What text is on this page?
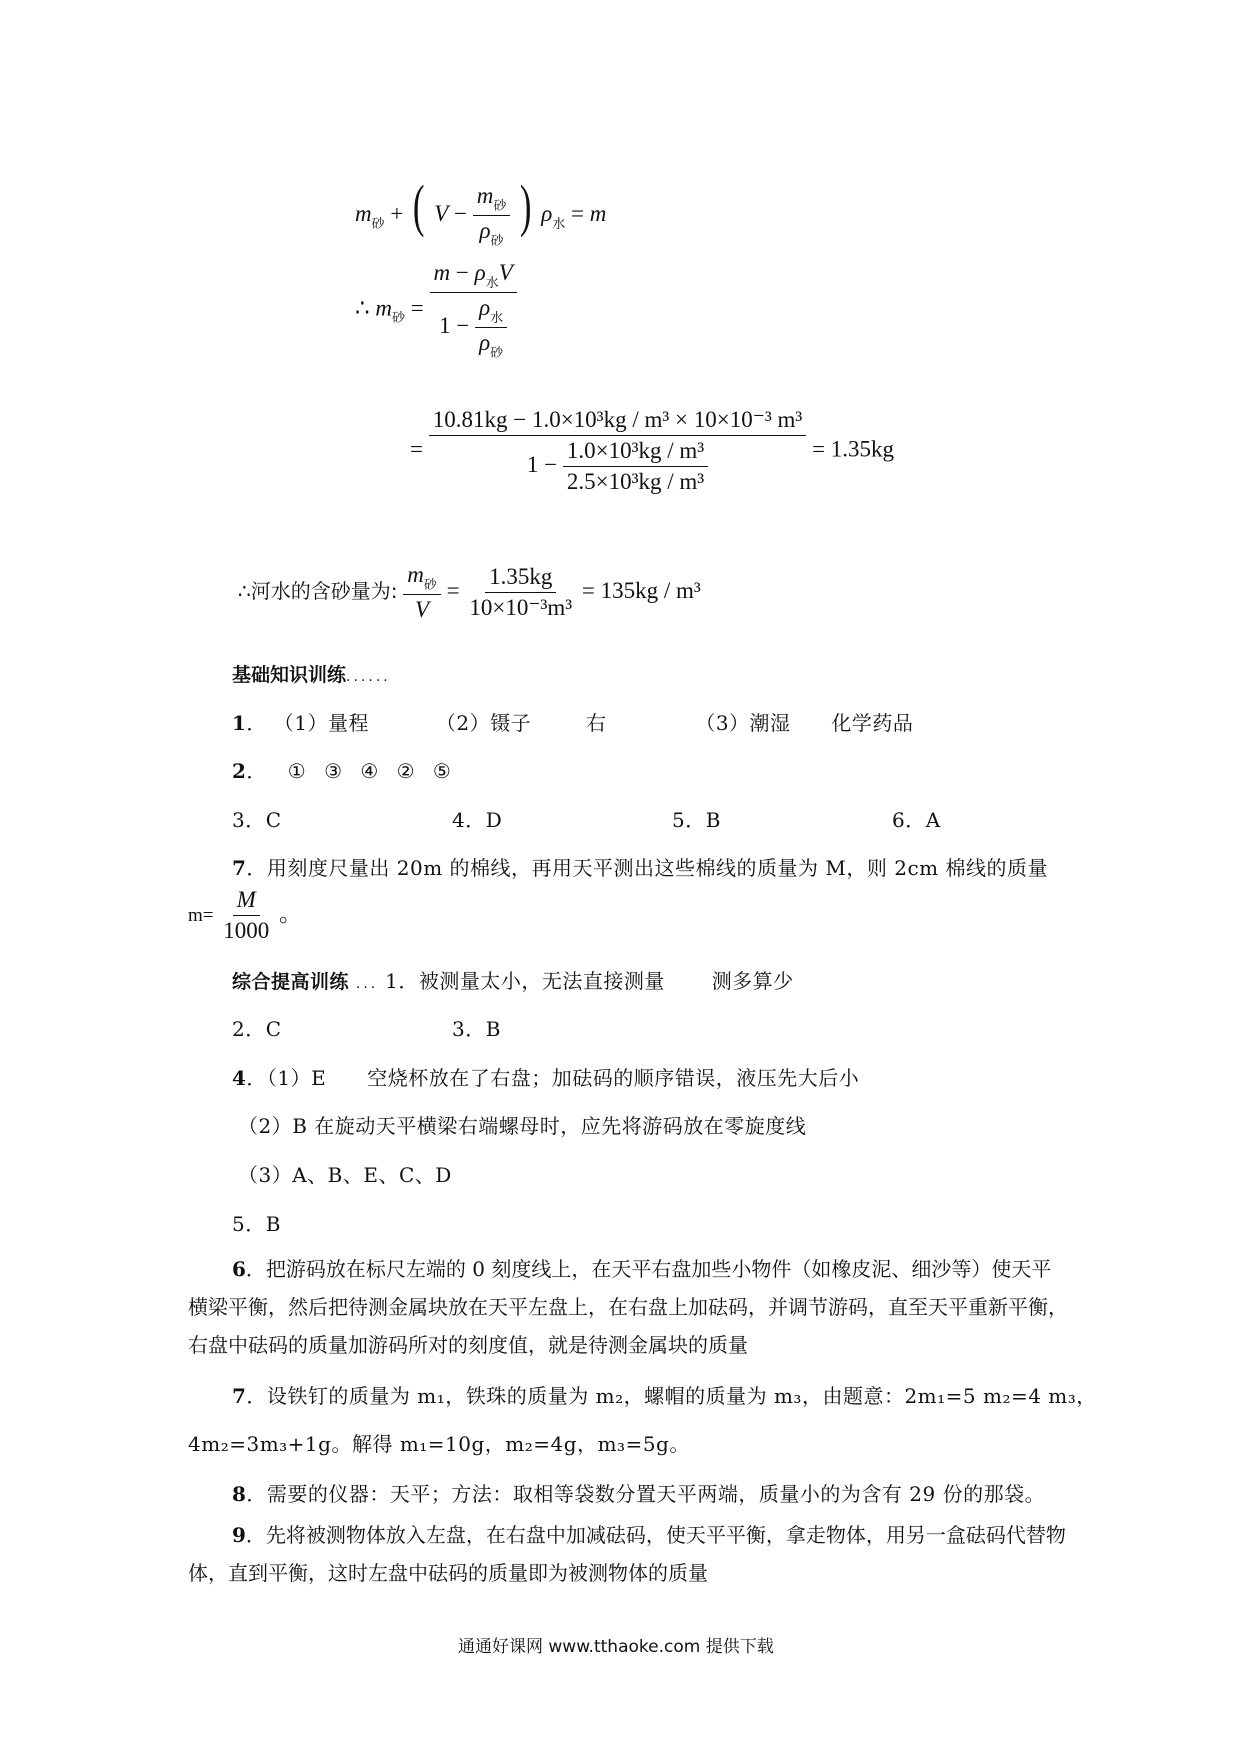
$m_砂$ + ( $V - \frac{m_砂}{\rho_砂}$ ) $\rho_水 = m$
∴ $m_砂 = \frac{m - \rho_水V}{1 - \frac{\rho_水}{\rho_砂}}$
= $\frac{\text{10.81kg − 1.0×10³kg / m³ × 10×10⁻³ m³}}{1 - \frac{\text{1.0×10³kg / m³}}{\text{2.5×10³kg / m³}}} = 1.35kg$
∴河水的含砂量为: $\frac{m_砂}{V} = \frac{1.35kg}{\text{10×10⁻³m³}} = 135kg / m^3$
基础知识训练......
1． （1）量程	（2）镊子	右	（3）潮湿 化学药品
2． ① ③ ④ ② ⑤
3．C	4．D	5．B	6．A
7．用刻度尺量出 20m 的棉线，再用天平测出这些棉线的质量为 M，则 2cm 棉线的质量
$m= \frac{M}{1000}$ 。
综合提高训练 ... 1．被测量太小，无法直接测量 测多算少
2．C	3．B
4．（1）E　　空烧杯放在了右盘；加砝码的顺序错误，液压先大后小
（2）B 在旋动天平横梁右端螺母时，应先将游码放在零旋度线
（3）A、B、E、C、D
5．B
6．把游码放在标尺左端的 0 刻度线上，在天平右盘加些小物件（如橡皮泥、细沙等）使天平横梁平衡，然后把待测金属块放在天平左盘上，在右盘上加砝码，并调节游码，直至天平重新平衡，右盘中砝码的质量加游码所对的刻度值，就是待测金属块的质量
7．设铁钉的质量为 m₁，铁珠的质量为 m₂，螺帽的质量为 m₃，由题意：2m₁=5 m₂=4 m₃，
4m₂=3m₃+1g。解得 m₁=10g，m₂=4g，m₃=5g。
8．需要的仪器：天平；方法：取相等袋数分置天平两端，质量小的为含有 29 份的那袋。
9．先将被测物体放入左盘，在右盘中加减砝码，使天平平衡，拿走物体，用另一盒砝码代替物体，直到平衡，这时左盘中砝码的质量即为被测物体的质量
通通好课网 www.tthaoke.com 提供下载
